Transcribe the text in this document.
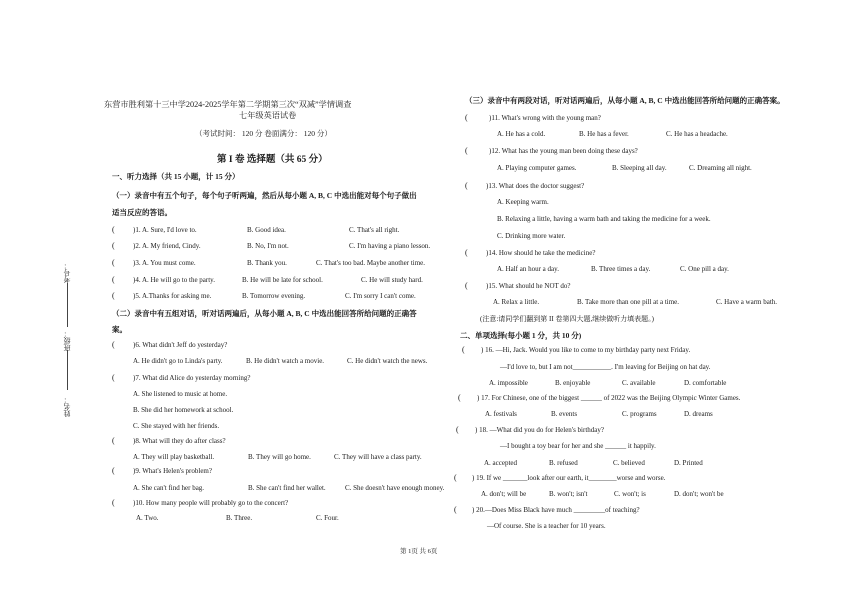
考号：
班级：
姓名：
东营市胜利第十三中学2024-2025学年第二学期第三次“双减”学情调查
七年级英语试卷
（考试时间： 120 分 卷面满分： 120 分）
第 I 卷 选择题（共 65 分）
一、听力选择（共 15 小题，计 15 分）
（一）录音中有五个句子，每个句子听两遍，然后从每小题 A, B, C 中选出能对每个句子做出
适当反应的答语。
(	)1. A. Sure, I'd love to.	B. Good idea.	C. That's all right.
(	)2. A. My friend, Cindy.	B. No, I'm not.	C. I'm having a piano lesson.
(	)3. A. You must come.	B. Thank you.	C. That's too bad. Maybe another time.
(	)4. A. He will go to the party.	B. He will be late for school.	C. He will study hard.
(	)5. A.Thanks for asking me.	B. Tomorrow evening.	C. I'm sorry I can't come.
（二）录音中有五组对话，听对话两遍后，从每小题 A, B, C 中选出能回答所给问题的正确答
案。
(	)6. What didn't Jeff do yesterday?
A. He didn't go to Linda's party.	B. He didn't watch a movie.	C. He didn't watch the news.
(	)7. What did Alice do yesterday morning?
A. She listened to music at home.
B. She did her homework at school.
C. She stayed with her friends.
(	)8. What will they do after class?
A. They will play basketball.	B. They will go home.	C. They will have a class party.
(	)9. What's Helen's problem?
A. She can't find her bag.	B. She can't find her wallet.	C. She doesn't have enough money.
(	)10. How many people will probably go to the concert?
A. Two.	B. Three.	C. Four.
（三）录音中有两段对话，听对话两遍后，从每小题 A, B, C 中选出能回答所给问题的正确答案。
(	)11. What's wrong with the young man?
A. He has a cold.	B. He has a fever.	C. He has a headache.
(	)12. What has the young man been doing these days?
A. Playing computer games.	B. Sleeping all day.	C. Dreaming all night.
(	)13. What does the doctor suggest?
A. Keeping warm.
B. Relaxing a little, having a warm bath and taking the medicine for a week.
C. Drinking more water.
(	)14. How should he take the medicine?
A. Half an hour a day.	B. Three times a day.	C. One pill a day.
(	)15. What should he NOT do?
A. Relax a little.	B. Take more than one pill at a time.	C. Have a warm bath.
(注意:请同学们翻到第 II 卷第四大题,继续做听力填表题。)
二、单项选择(每小题 1 分，共 10 分)
( ) 16. —Hi, Jack. Would you like to come to my birthday party next Friday.
—I'd love to, but I am not___________. I'm leaving for Beijing on hat day.
A. impossible	B. enjoyable	C. available	D. comfortable
( ) 17. For Chinese, one of the biggest ______ of 2022 was the Beijing Olympic Winter Games.
A. festivals	B. events	C. programs	D. dreams
( ) 18. —What did you do for Helen's birthday?
—I bought a toy bear for her and she ______ it happily.
A. accepted	B. refused	C. believed	D. Printed
( ) 19. If we _______look after our earth, it________worse and worse.
A. don't; will be	B. won't; isn't	C. won't; is	D. don't; won't be
( ) 20.—Does Miss Black have much _________of teaching?
—Of course. She is a teacher for 10 years.
第 1页 共 6页
